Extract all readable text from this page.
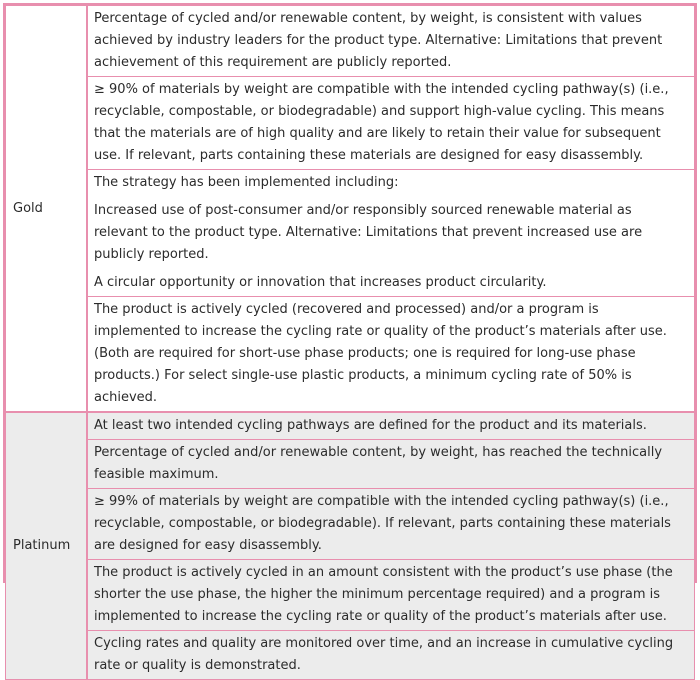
Gold	Percentage of cycled and/or renewable content, by weight, is consistent with values achieved by industry leaders for the product type. Alternative: Limitations that prevent achievement of this requirement are publicly reported.

	≥ 90% of materials by weight are compatible with the intended cycling pathway(s) (i.e., recyclable, compostable, or biodegradable) and support high-value cycling. This means that the materials are of high quality and are likely to retain their value for subsequent use. If relevant, parts containing these materials are designed for easy disassembly.

	The strategy has been implemented including:

Increased use of post-consumer and/or responsibly sourced renewable material as relevant to the product type. Alternative: Limitations that prevent increased use are publicly reported.

A circular opportunity or innovation that increases product circularity.

	The product is actively cycled (recovered and processed) and/or a program is implemented to increase the cycling rate or quality of the product’s materials after use. (Both are required for short-use phase products; one is required for long-use phase products.) For select single-use plastic products, a minimum cycling rate of 50% is achieved.

Platinum	At least two intended cycling pathways are defined for the product and its materials.

	Percentage of cycled and/or renewable content, by weight, has reached the technically feasible maximum.

	≥ 99% of materials by weight are compatible with the intended cycling pathway(s) (i.e., recyclable, compostable, or biodegradable). If relevant, parts containing these materials are designed for easy disassembly.

	The product is actively cycled in an amount consistent with the product’s use phase (the shorter the use phase, the higher the minimum percentage required) and a program is implemented to increase the cycling rate or quality of the product’s materials after use.

	Cycling rates and quality are monitored over time, and an increase in cumulative cycling rate or quality is demonstrated.
